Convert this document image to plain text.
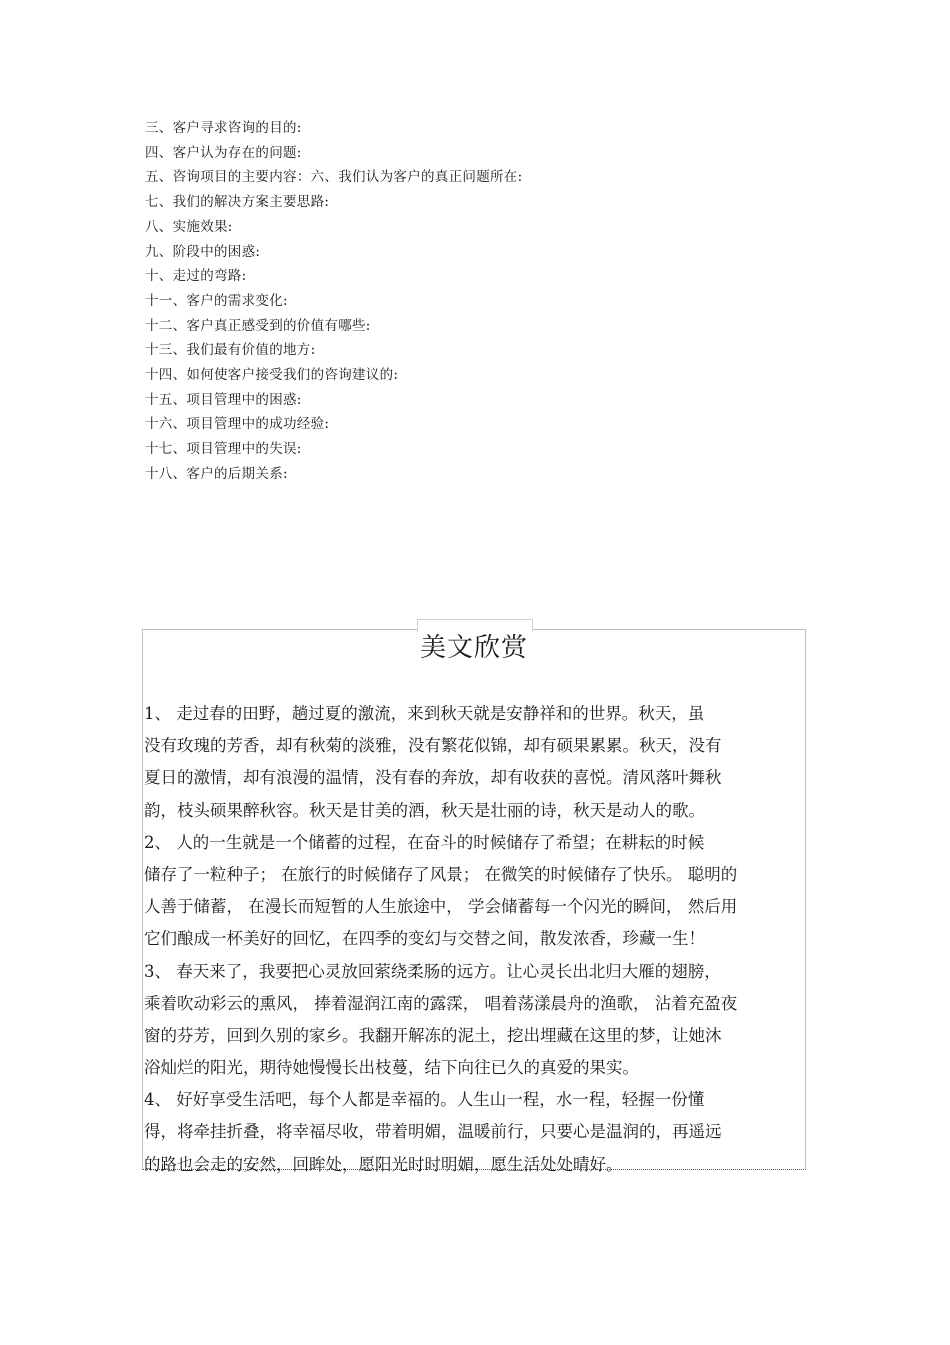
三、客户寻求咨询的目的:
四、客户认为存在的问题:
五、咨询项目的主要内容：六、我们认为客户的真正问题所在:
七、我们的解决方案主要思路:
八、实施效果:
九、阶段中的困惑:
十、走过的弯路:
十一、客户的需求变化:
十二、客户真正感受到的价值有哪些:
十三、我们最有价值的地方:
十四、如何使客户接受我们的咨询建议的:
十五、项目管理中的困惑:
十六、项目管理中的成功经验:
十七、项目管理中的失误:
十八、客户的后期关系:
美文欣赏
1、 走过春的田野，趟过夏的激流，来到秋天就是安静祥和的世界。秋天，虽
没有玫瑰的芳香，却有秋菊的淡雅，没有繁花似锦，却有硕果累累。秋天，没有
夏日的激情，却有浪漫的温情，没有春的奔放，却有收获的喜悦。清风落叶舞秋
韵，枝头硕果醉秋容。秋天是甘美的酒，秋天是壮丽的诗，秋天是动人的歌。
2、 人的一生就是一个储蓄的过程，在奋斗的时候储存了希望；在耕耘的时候
储存了一粒种子； 在旅行的时候储存了风景； 在微笑的时候储存了快乐。 聪明的
人善于储蓄， 在漫长而短暂的人生旅途中， 学会储蓄每一个闪光的瞬间， 然后用
它们酿成一杯美好的回忆，在四季的变幻与交替之间，散发浓香，珍藏一生！
3、 春天来了，我要把心灵放回萦绕柔肠的远方。让心灵长出北归大雁的翅膀，
乘着吹动彩云的熏风， 捧着湿润江南的露霂， 唱着荡漾晨舟的渔歌， 沾着充盈夜
窗的芬芳，回到久别的家乡。我翻开解冻的泥土，挖出埋藏在这里的梦，让她沐
浴灿烂的阳光，期待她慢慢长出枝蔓，结下向往已久的真爱的果实。
4、 好好享受生活吧，每个人都是幸福的。人生山一程，水一程，轻握一份懂
得，将牵挂折叠，将幸福尽收，带着明媚，温暖前行，只要心是温润的，再遥远
的路也会走的安然，回眸处，愿阳光时时明媚，愿生活处处晴好。
